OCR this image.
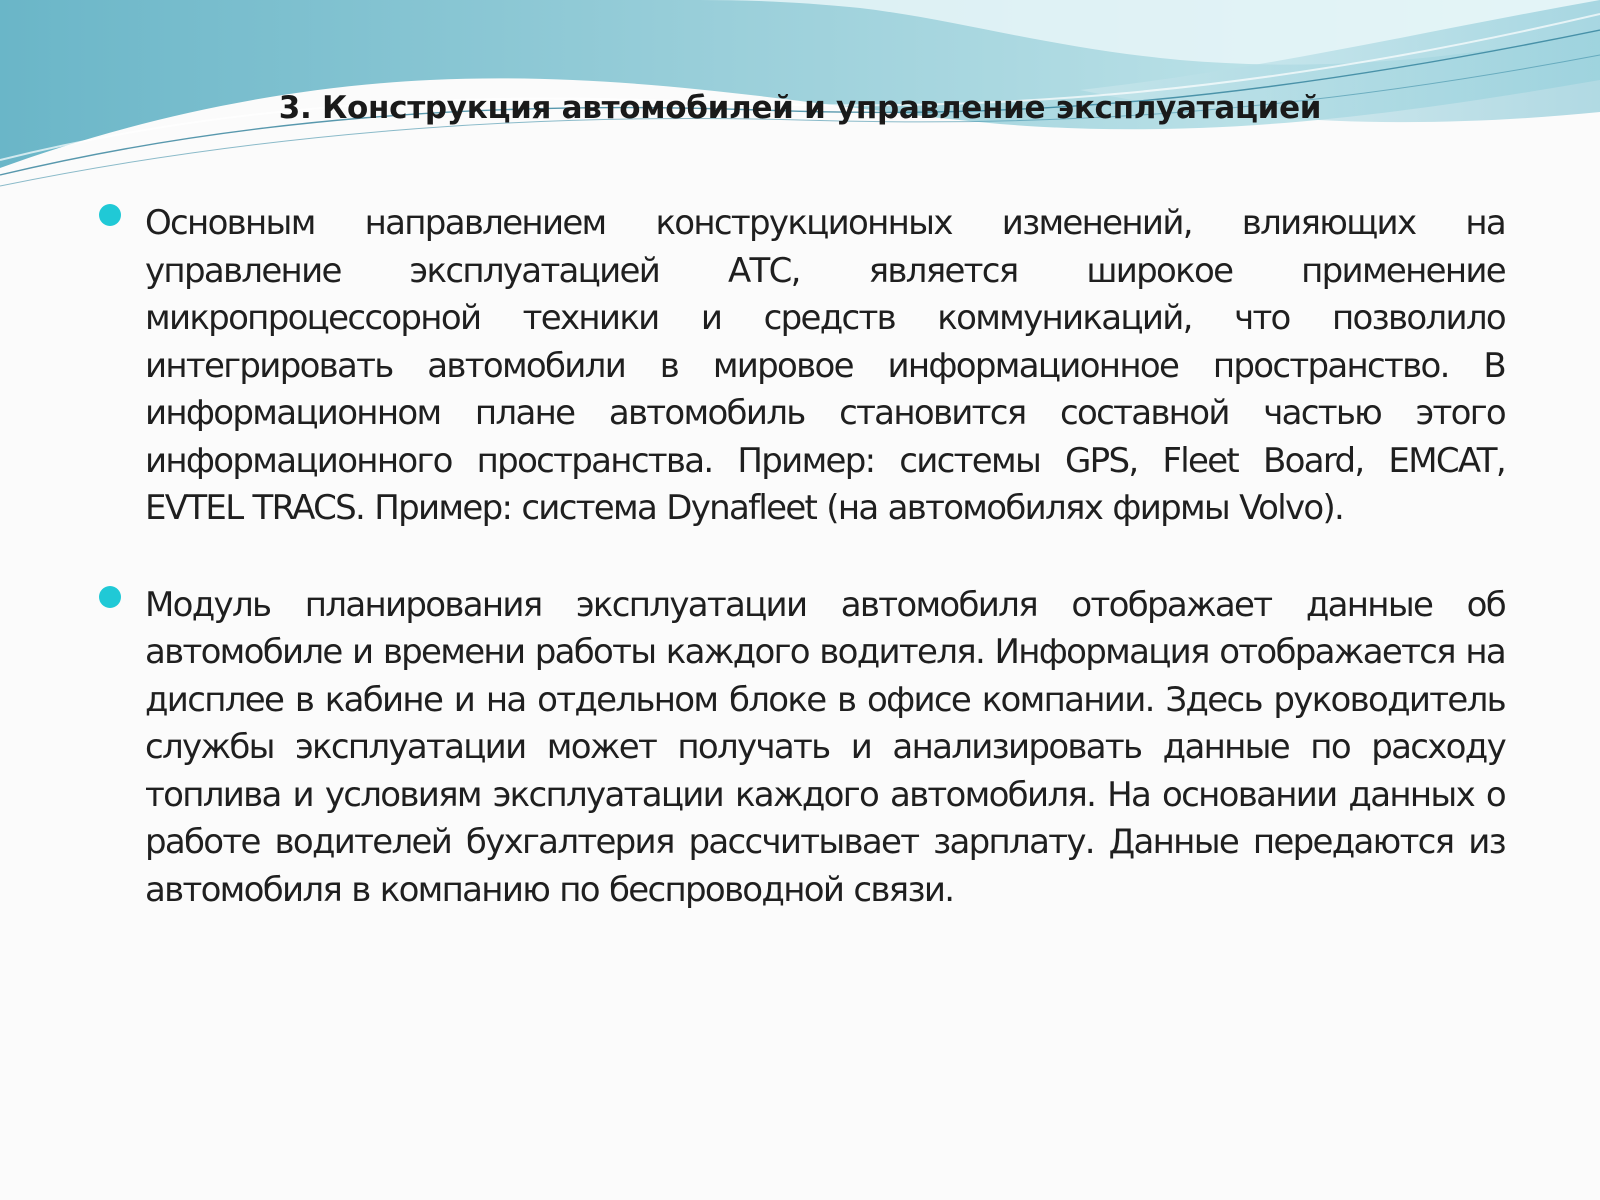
3. Конструкция автомобилей и управление эксплуатацией

Основным направлением конструкционных изменений, влияющих на управление эксплуатацией АТС, является широкое применение микропроцессорной техники и средств коммуникаций, что позволило интегрировать автомобили в мировое информационное пространство. В информационном плане автомобиль становится составной частью этого информационного пространства. Пример: системы GPS, Fleet Board, EMCAT, EVTEL TRACS. Пример: система Dynafleet (на автомобилях фирмы Volvo).

Модуль планирования эксплуатации автомобиля отображает данные об автомобиле и времени работы каждого водителя. Информация отображается на дисплее в кабине и на отдельном блоке в офисе компании. Здесь руководитель службы эксплуатации может получать и анализировать данные по расходу топлива и условиям эксплуатации каждого автомобиля. На основании данных о работе водителей бухгалтерия рассчитывает зарплату. Данные передаются из автомобиля в компанию по беспроводной связи.
